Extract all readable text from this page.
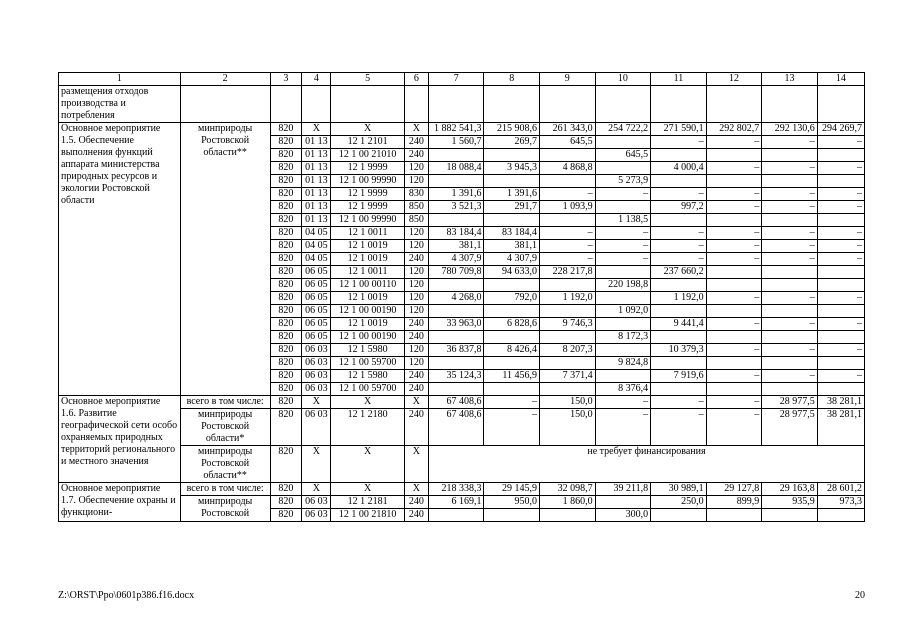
1	2	3	4	5	6	7	8	9	10	11	12	13	14
размещения отходов производства и потребления													
Основное мероприятие 1.5. Обеспечение выполнения функций аппарата министерства природных ресурсов и экологии Ростовской области	минприроды Ростовской области**	820	X	X	X	1 882 541,3	215 908,6	261 343,0	254 722,2	271 590,1	292 802,7	292 130,6	294 269,7
		820	01 13	12 1 2101	240	1 560,7	269,7	645,5		–	–	–	–
		820	01 13	12 1 00 21010	240				645,5				
		820	01 13	12 1 9999	120	18 088,4	3 945,3	4 868,8		4 000,4	–	–	–
		820	01 13	12 1 00 99990	120				5 273,9				
		820	01 13	12 1 9999	830	1 391,6	1 391,6	–	–	–	–	–	–
		820	01 13	12 1 9999	850	3 521,3	291,7	1 093,9		997,2	–	–	–
		820	01 13	12 1 00 99990	850				1 138,5				
		820	04 05	12 1 0011	120	83 184,4	83 184,4	–	–	–	–	–	–
		820	04 05	12 1 0019	120	381,1	381,1	–	–	–	–	–	–
		820	04 05	12 1 0019	240	4 307,9	4 307,9	–	–	–	–	–	–
		820	06 05	12 1 0011	120	780 709,8	94 633,0	228 217,8		237 660,2			
		820	06 05	12 1 00 00110	120				220 198,8				
		820	06 05	12 1 0019	120	4 268,0	792,0	1 192,0		1 192,0	–	–	–
		820	06 05	12 1 00 00190	120				1 092,0				
		820	06 05	12 1 0019	240	33 963,0	6 828,6	9 746,3		9 441,4	–	–	–
		820	06 05	12 1 00 00190	240				8 172,3				
		820	06 03	12 1 5980	120	36 837,8	8 426,4	8 207,3		10 379,3	–	–	–
		820	06 03	12 1 00 59700	120				9 824,8				
		820	06 03	12 1 5980	240	35 124,3	11 456,9	7 371,4		7 919,6	–	–	–
		820	06 03	12 1 00 59700	240				8 376,4				
Основное мероприятие 1.6. Развитие географической сети особо охраняемых природных территорий регионального и местного значения	всего в том числе:	820	X	X	X	67 408,6	–	150,0	–	–	–	28 977,5	38 281,1
	минприроды Ростовской области*	820	06 03	12 1 2180	240	67 408,6	–	150,0	–	–	–	28 977,5	38 281,1
	минприроды Ростовской области**	820	X	X	X	не требует финансирования							
Основное мероприятие 1.7. Обеспечение охраны и функциони-	всего в том числе:	820	X	X	X	218 338,3	29 145,9	32 098,7	39 211,8	30 989,1	29 127,8	29 163,8	28 601,2
	минприроды Ростовской	820	06 03	12 1 2181	240	6 169,1	950,0	1 860,0		250,0	899,9	935,9	973,3
		820	06 03	12 1 00 21810	240				300,0				
Z:\ORST\Ppo\0601p386.f16.docx	20
